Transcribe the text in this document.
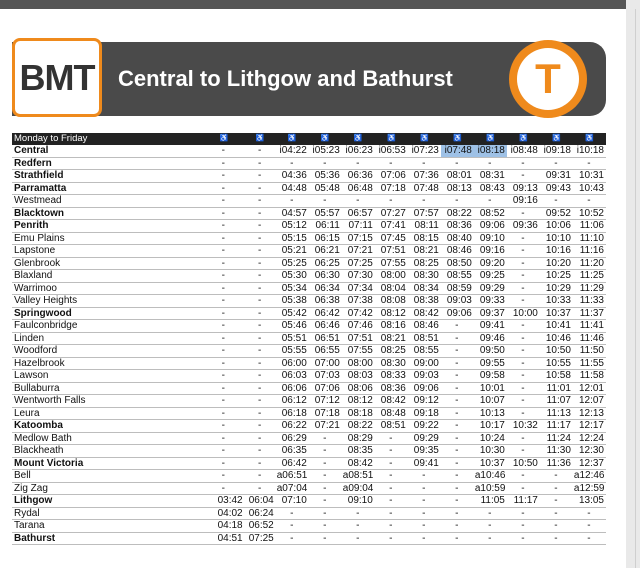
BMT Central to Lithgow and Bathurst T
Monday to Friday	♿	♿	♿	♿	♿	♿	♿	♿	♿	♿	♿	♿
Central	-	-	i04:22	i05:23	i06:23	i06:53	i07:23	i07:48	i08:18	i08:48	i09:18	i10:18
Redfern	-	-	-	-	-	-	-	-	-	-	-	-
Strathfield	-	-	04:36	05:36	06:36	07:06	07:36	08:01	08:31	-	09:31	10:31
Parramatta	-	-	04:48	05:48	06:48	07:18	07:48	08:13	08:43	09:13	09:43	10:43
Westmead	-	-	-	-	-	-	-	-	-	09:16	-	-
Blacktown	-	-	04:57	05:57	06:57	07:27	07:57	08:22	08:52	-	09:52	10:52
Penrith	-	-	05:12	06:11	07:11	07:41	08:11	08:36	09:06	09:36	10:06	11:06
Emu Plains	-	-	05:15	06:15	07:15	07:45	08:15	08:40	09:10	-	10:10	11:10
Lapstone	-	-	05:21	06:21	07:21	07:51	08:21	08:46	09:16	-	10:16	11:16
Glenbrook	-	-	05:25	06:25	07:25	07:55	08:25	08:50	09:20	-	10:20	11:20
Blaxland	-	-	05:30	06:30	07:30	08:00	08:30	08:55	09:25	-	10:25	11:25
Warrimoo	-	-	05:34	06:34	07:34	08:04	08:34	08:59	09:29	-	10:29	11:29
Valley Heights	-	-	05:38	06:38	07:38	08:08	08:38	09:03	09:33	-	10:33	11:33
Springwood	-	-	05:42	06:42	07:42	08:12	08:42	09:06	09:37	10:00	10:37	11:37
Faulconbridge	-	-	05:46	06:46	07:46	08:16	08:46	-	09:41	-	10:41	11:41
Linden	-	-	05:51	06:51	07:51	08:21	08:51	-	09:46	-	10:46	11:46
Woodford	-	-	05:55	06:55	07:55	08:25	08:55	-	09:50	-	10:50	11:50
Hazelbrook	-	-	06:00	07:00	08:00	08:30	09:00	-	09:55	-	10:55	11:55
Lawson	-	-	06:03	07:03	08:03	08:33	09:03	-	09:58	-	10:58	11:58
Bullaburra	-	-	06:06	07:06	08:06	08:36	09:06	-	10:01	-	11:01	12:01
Wentworth Falls	-	-	06:12	07:12	08:12	08:42	09:12	-	10:07	-	11:07	12:07
Leura	-	-	06:18	07:18	08:18	08:48	09:18	-	10:13	-	11:13	12:13
Katoomba	-	-	06:22	07:21	08:22	08:51	09:22	-	10:17	10:32	11:17	12:17
Medlow Bath	-	-	06:29	-	08:29	-	09:29	-	10:24	-	11:24	12:24
Blackheath	-	-	06:35	-	08:35	-	09:35	-	10:30	-	11:30	12:30
Mount Victoria	-	-	06:42	-	08:42	-	09:41	-	10:37	10:50	11:36	12:37
Bell	-	-	a06:51	-	a08:51	-	-	-	a10:46	-	-	a12:46
Zig Zag	-	-	a07:04	-	a09:04	-	-	-	a10:59	-	-	a12:59
Lithgow	03:42	06:04	07:10	-	09:10	-	-	-	11:05	11:17	-	13:05
Rydal	04:02	06:24	-	-	-	-	-	-	-	-	-	-
Tarana	04:18	06:52	-	-	-	-	-	-	-	-	-	-
Bathurst	04:51	07:25	-	-	-	-	-	-	-	-	-	-
